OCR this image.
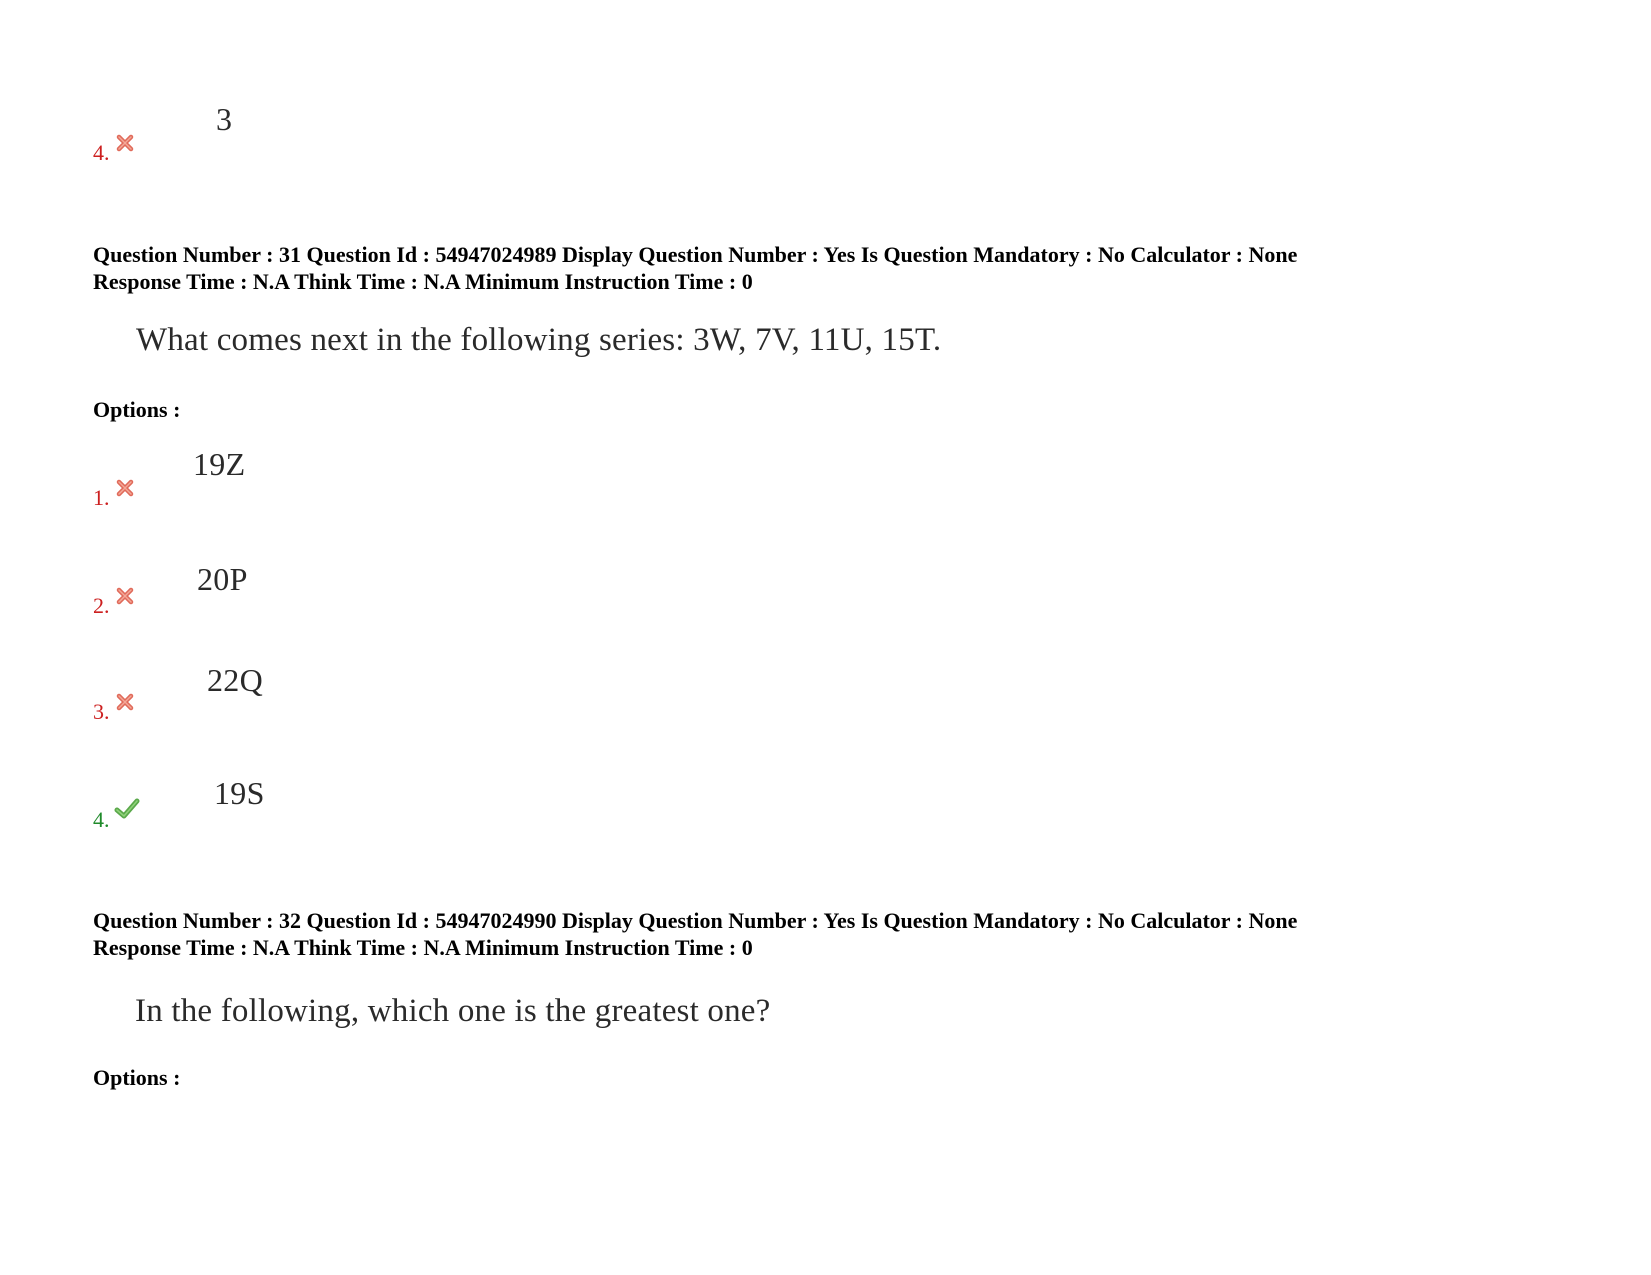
3
4.
Question Number : 31 Question Id : 54947024989 Display Question Number : Yes Is Question Mandatory : No Calculator : None
Response Time : N.A Think Time : N.A Minimum Instruction Time : 0
What comes next in the following series: 3W, 7V, 11U, 15T.
Options :
19Z
1.
20P
2.
22Q
3.
19S
4.
Question Number : 32 Question Id : 54947024990 Display Question Number : Yes Is Question Mandatory : No Calculator : None
Response Time : N.A Think Time : N.A Minimum Instruction Time : 0
In the following, which one is the greatest one?
Options :
